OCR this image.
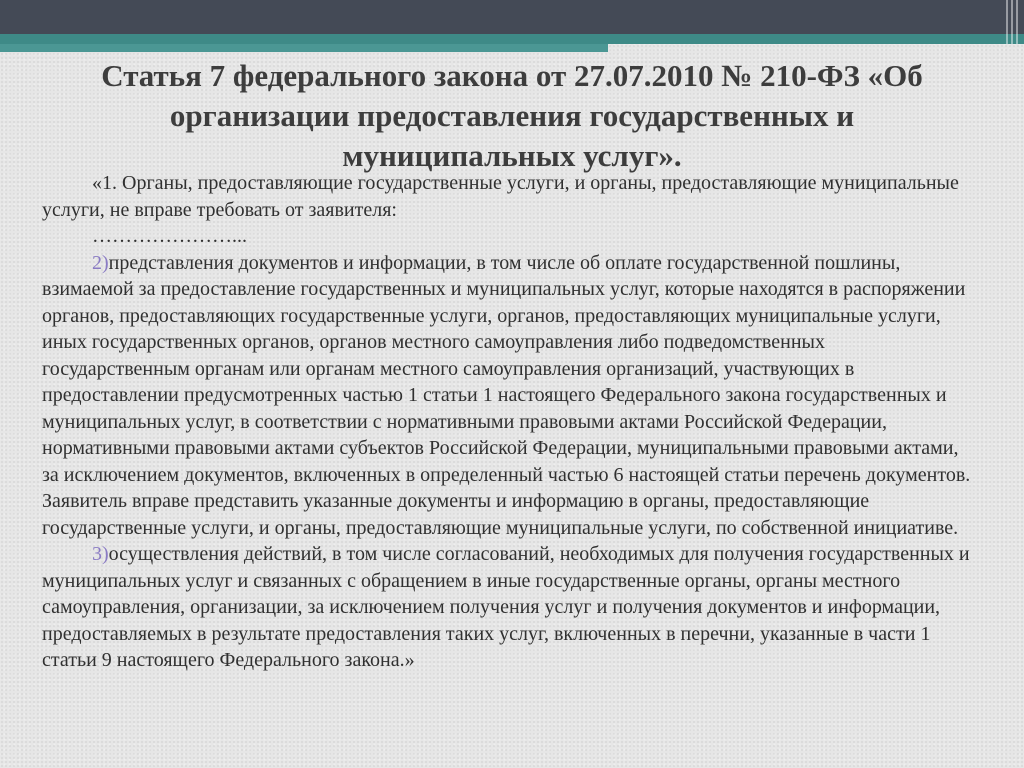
Статья 7 федерального закона от 27.07.2010 № 210-ФЗ «Об организации предоставления государственных и муниципальных услуг».

«1. Органы, предоставляющие государственные услуги, и органы, предоставляющие муниципальные услуги, не вправе требовать от заявителя:

…………………...

2)представления документов и информации, в том числе об оплате государственной пошлины, взимаемой за предоставление государственных и муниципальных услуг, которые находятся в распоряжении органов, предоставляющих государственные услуги, органов, предоставляющих муниципальные услуги, иных государственных органов, органов местного самоуправления либо подведомственных государственным органам или органам местного самоуправления организаций, участвующих в предоставлении предусмотренных частью 1 статьи 1 настоящего Федерального закона государственных и муниципальных услуг, в соответствии с нормативными правовыми актами Российской Федерации, нормативными правовыми актами субъектов Российской Федерации, муниципальными правовыми актами, за исключением документов, включенных в определенный частью 6 настоящей статьи перечень документов. Заявитель вправе представить указанные документы и информацию в органы, предоставляющие государственные услуги, и органы, предоставляющие муниципальные услуги, по собственной инициативе.

3)осуществления действий, в том числе согласований, необходимых для получения государственных и муниципальных услуг и связанных с обращением в иные государственные органы, органы местного самоуправления, организации, за исключением получения услуг и получения документов и информации, предоставляемых в результате предоставления таких услуг, включенных в перечни, указанные в части 1 статьи 9 настоящего Федерального закона.»
